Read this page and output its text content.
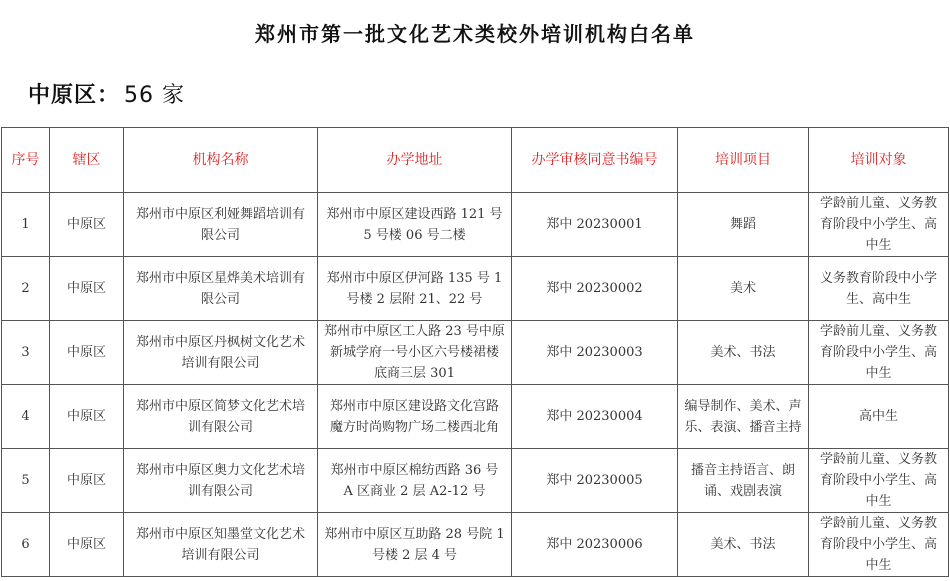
郑州市第一批文化艺术类校外培训机构白名单
中原区： 56 家
序号	辖区	机构名称	办学地址	办学审核同意书编号	培训项目	培训对象
1	中原区	郑州市中原区利娅舞蹈培训有限公司	郑州市中原区建设西路 121 号 5 号楼 06 号二楼	郑中 20230001	舞蹈	学龄前儿童、义务教育阶段中小学生、高中生
2	中原区	郑州市中原区星烨美术培训有限公司	郑州市中原区伊河路 135 号 1 号楼 2 层附 21、22 号	郑中 20230002	美术	义务教育阶段中小学生、高中生
3	中原区	郑州市中原区丹枫树文化艺术培训有限公司	郑州市中原区工人路 23 号中原新城学府一号小区六号楼裙楼底商三层 301	郑中 20230003	美术、书法	学龄前儿童、义务教育阶段中小学生、高中生
4	中原区	郑州市中原区简梦文化艺术培训有限公司	郑州市中原区建设路文化宫路魔方时尚购物广场二楼西北角	郑中 20230004	编导制作、美术、声乐、表演、播音主持	高中生
5	中原区	郑州市中原区奥力文化艺术培训有限公司	郑州市中原区棉纺西路 36 号 A 区商业 2 层 A2-12 号	郑中 20230005	播音主持语言、朗诵、戏剧表演	学龄前儿童、义务教育阶段中小学生、高中生
6	中原区	郑州市中原区知墨堂文化艺术培训有限公司	郑州市中原区互助路 28 号院 1 号楼 2 层 4 号	郑中 20230006	美术、书法	学龄前儿童、义务教育阶段中小学生、高中生
